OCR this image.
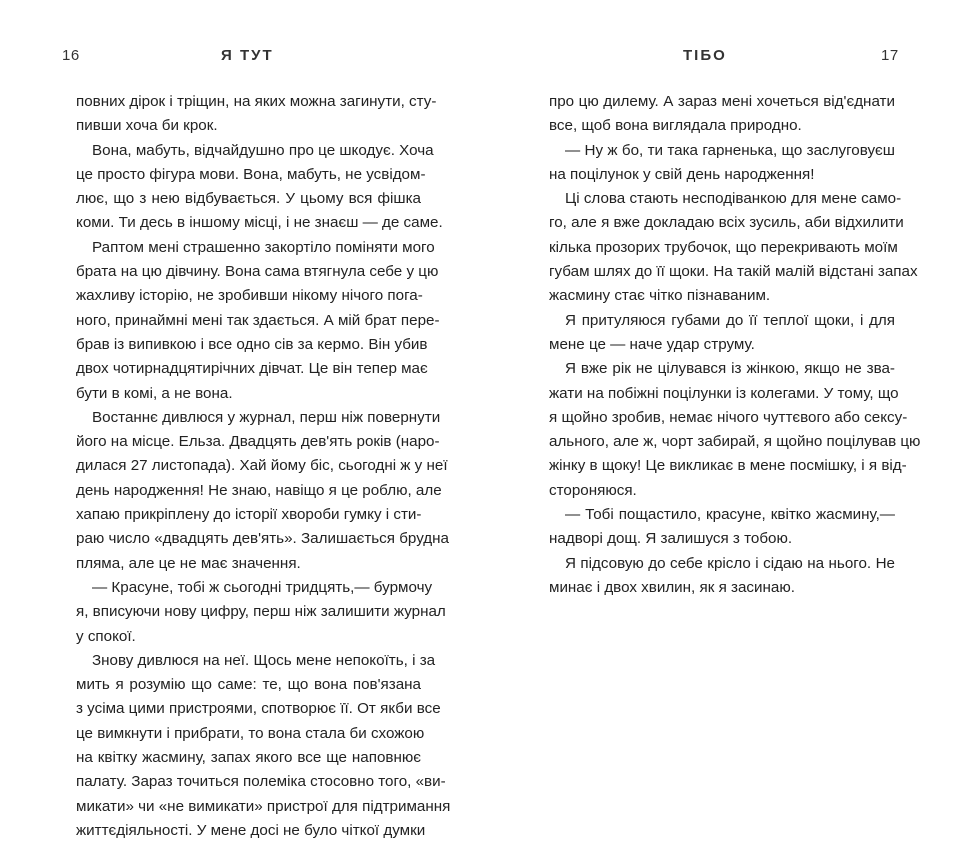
16	Я ТУТ
повних дірок і тріщин, на яких можна загинути, сту-
пивши хоча би крок.
Вона, мабуть, відчайдушно про це шкодує. Хоча
це просто фігура мови. Вона, мабуть, не усвідом-
лює, що з нею відбувається. У цьому вся фішка
коми. Ти десь в іншому місці, і не знаєш — де саме.
Раптом мені страшенно закортіло поміняти мого
брата на цю дівчину. Вона сама втягнула себе у цю
жахливу історію, не зробивши нікому нічого пога-
ного, принаймні мені так здається. А мій брат пере-
брав із випивкою і все одно сів за кермо. Він убив
двох чотирнадцятирічних дівчат. Це він тепер має
бути в комі, а не вона.
Востаннє дивлюся у журнал, перш ніж повернути
його на місце. Ельза. Двадцять дев'ять років (наро-
дилася 27 листопада). Хай йому біс, сьогодні ж у неї
день народження! Не знаю, навіщо я це роблю, але
хапаю прикріплену до історії хвороби гумку і сти-
раю число «двадцять дев'ять». Залишається брудна
пляма, але це не має значення.
— Красуне, тобі ж сьогодні тридцять,— бурмочу
я, вписуючи нову цифру, перш ніж залишити журнал
у спокої.
Знову дивлюся на неї. Щось мене непокоїть, і за
мить я розумію що саме: те, що вона пов'язана
з усіма цими пристроями, спотворює її. От якби все
це вимкнути і прибрати, то вона стала би схожою
на квітку жасмину, запах якого все ще наповнює
палату. Зараз точиться полеміка стосовно того, «ви-
микати» чи «не вимикати» пристрої для підтримання
життєдіяльності. У мене досі не було чіткої думки
ТІБО	17
про цю дилему. А зараз мені хочеться від'єднати
все, щоб вона виглядала природно.
— Ну ж бо, ти така гарненька, що заслуговуєш
на поцілунок у свій день народження!
Ці слова стають несподіванкою для мене само-
го, але я вже докладаю всіх зусиль, аби відхилити
кілька прозорих трубочок, що перекривають моїм
губам шлях до її щоки. На такій малій відстані запах
жасмину стає чітко пізнаваним.
Я притуляюся губами до її теплої щоки, і для
мене це — наче удар струму.
Я вже рік не цілувався із жінкою, якщо не зва-
жати на побіжні поцілунки із колегами. У тому, що
я щойно зробив, немає нічого чуттєвого або сексу-
ального, але ж, чорт забирай, я щойно поцілував цю
жінку в щоку! Це викликає в мене посмішку, і я від-
стороняюся.
— Тобі пощастило, красуне, квітко жасмину,—
надворі дощ. Я залишуся з тобою.
Я підсовую до себе крісло і сідаю на нього. Не
минає і двох хвилин, як я засинаю.
